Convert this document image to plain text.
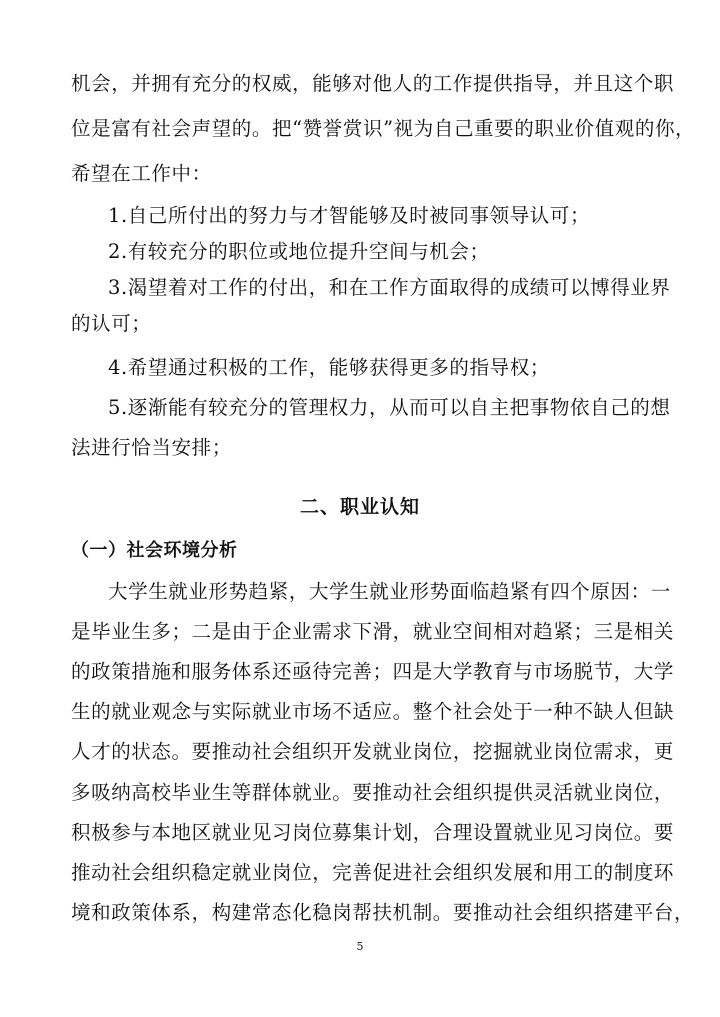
机会，并拥有充分的权威，能够对他人的工作提供指导，并且这个职
位是富有社会声望的。把“赞誉赏识”视为自己重要的职业价值观的你，
希望在工作中：
1.自己所付出的努力与才智能够及时被同事领导认可；
2.有较充分的职位或地位提升空间与机会；
3.渴望着对工作的付出，和在工作方面取得的成绩可以博得业界
的认可；
4.希望通过积极的工作，能够获得更多的指导权；
5.逐渐能有较充分的管理权力，从而可以自主把事物依自己的想
法进行恰当安排；
二、职业认知
（一）社会环境分析
大学生就业形势趋紧，大学生就业形势面临趋紧有四个原因：一
是毕业生多；二是由于企业需求下滑，就业空间相对趋紧；三是相关
的政策措施和服务体系还亟待完善；四是大学教育与市场脱节，大学
生的就业观念与实际就业市场不适应。整个社会处于一种不缺人但缺
人才的状态。要推动社会组织开发就业岗位，挖掘就业岗位需求，更
多吸纳高校毕业生等群体就业。要推动社会组织提供灵活就业岗位，
积极参与本地区就业见习岗位募集计划，合理设置就业见习岗位。要
推动社会组织稳定就业岗位，完善促进社会组织发展和用工的制度环
境和政策体系，构建常态化稳岗帮扶机制。要推动社会组织搭建平台，
5
